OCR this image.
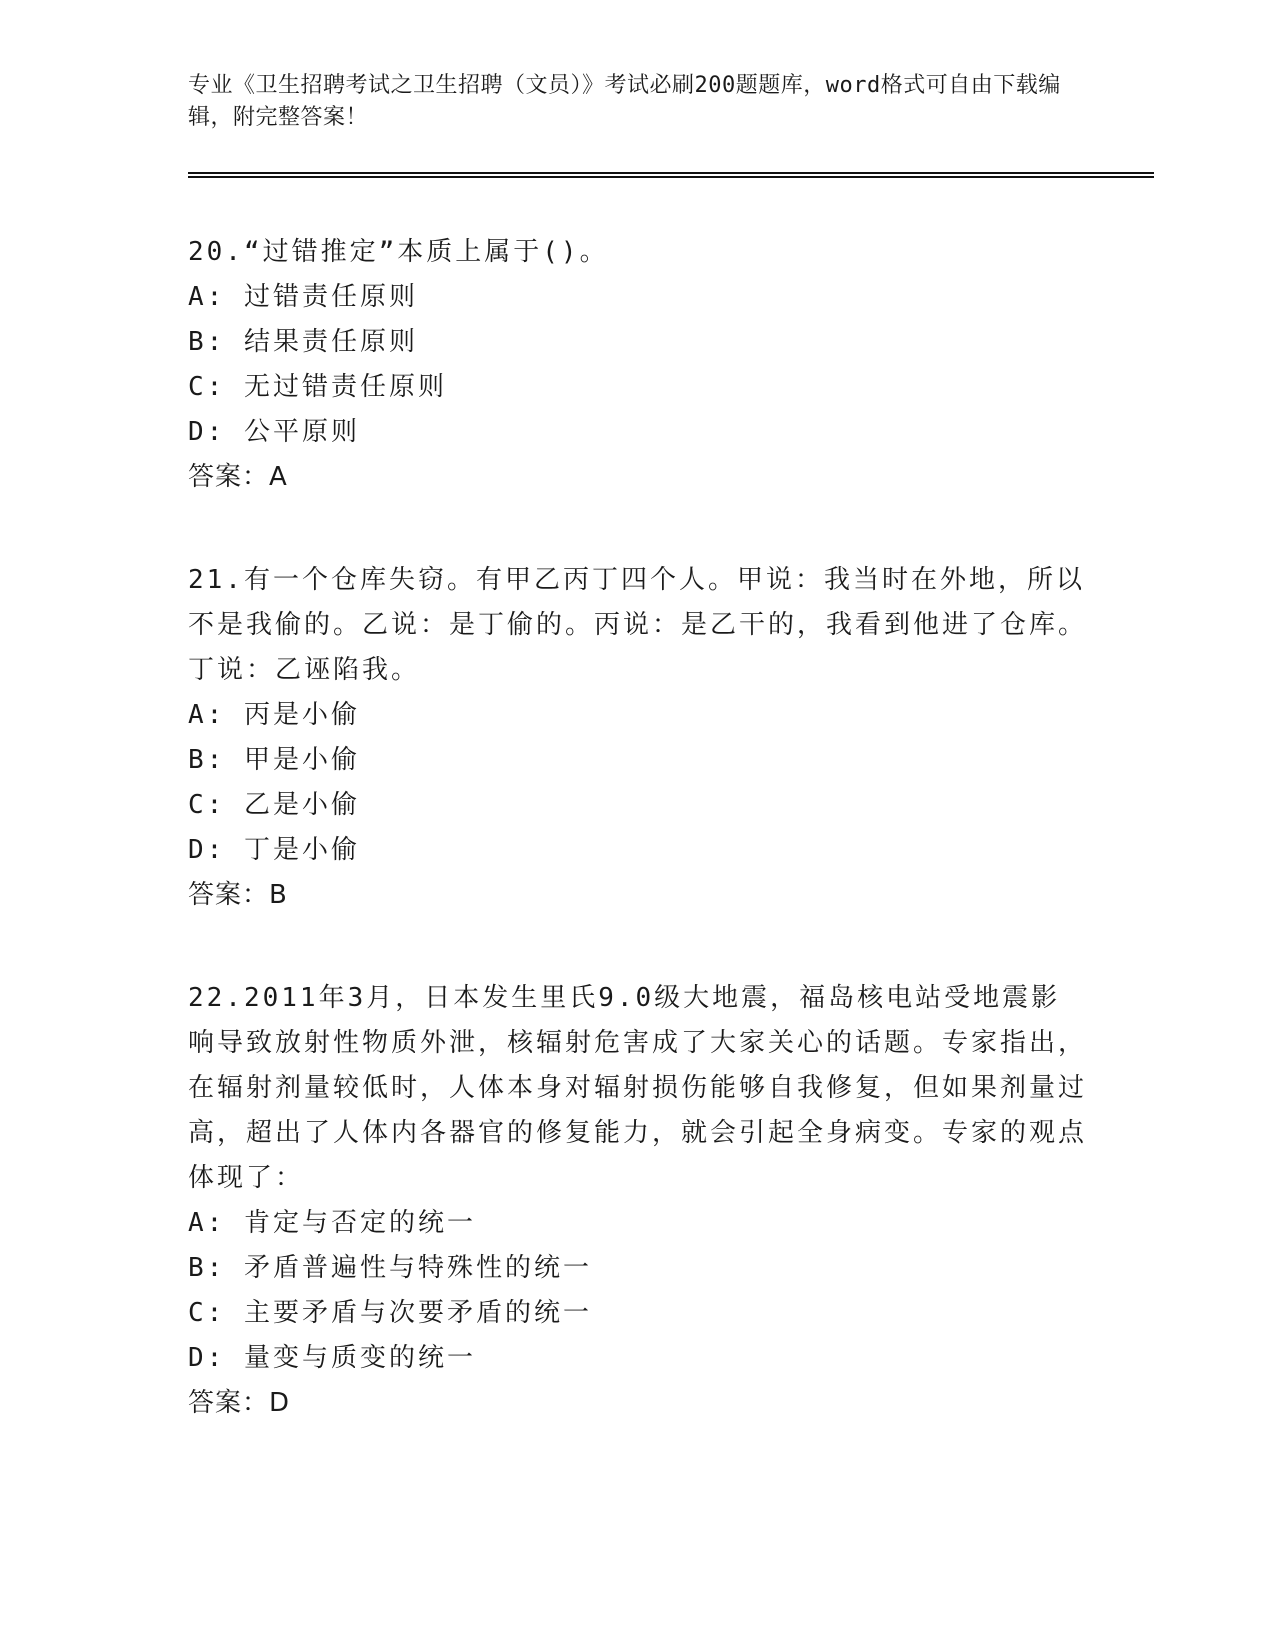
专业《卫生招聘考试之卫生招聘（文员）》考试必刷200题题库，word格式可自由下载编辑，附完整答案！

20.“过错推定”本质上属于()。

A: 过错责任原则
B: 结果责任原则
C: 无过错责任原则
D: 公平原则
答案：A

21.有一个仓库失窃。有甲乙丙丁四个人。甲说：我当时在外地，所以不是我偷的。乙说：是丁偷的。丙说：是乙干的，我看到他进了仓库。丁说：乙诬陷我。

A: 丙是小偷
B: 甲是小偷
C: 乙是小偷
D: 丁是小偷
答案：B

22.2011年3月，日本发生里氏9.0级大地震，福岛核电站受地震影响导致放射性物质外泄，核辐射危害成了大家关心的话题。专家指出，在辐射剂量较低时，人体本身对辐射损伤能够自我修复，但如果剂量过高，超出了人体内各器官的修复能力，就会引起全身病变。专家的观点体现了：

A: 肯定与否定的统一
B: 矛盾普遍性与特殊性的统一
C: 主要矛盾与次要矛盾的统一
D: 量变与质变的统一
答案：D
